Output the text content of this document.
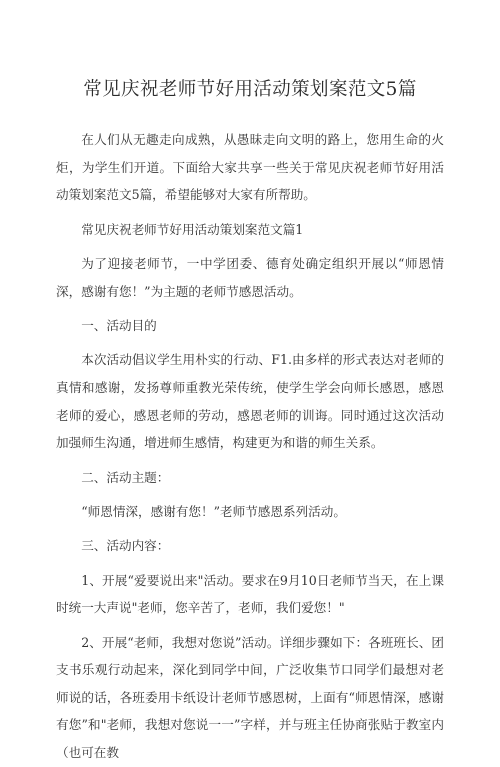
常见庆祝老师节好用活动策划案范文5篇

在人们从无趣走向成熟，从愚昧走向文明的路上，您用生命的火炬，为学生们开道。下面给大家共享一些关于常见庆祝老师节好用活动策划案范文5篇，希望能够对大家有所帮助。

常见庆祝老师节好用活动策划案范文篇1

为了迎接老师节，一中学团委、德育处确定组织开展以“师恩情深，感谢有您！”为主题的老师节感恩活动。

一、活动目的

本次活动倡议学生用朴实的行动、F1.由多样的形式表达对老师的真情和感谢，发扬尊师重教光荣传统，使学生学会向师长感恩，感恩老师的爱心，感恩老师的劳动，感恩老师的训诲。同时通过这次活动加强师生沟通，增进师生感情，构建更为和谐的师生关系。

二、活动主题：

“师恩情深，感谢有您！”老师节感恩系列活动。

三、活动内容：

1、开展“爱要说出来"活动。要求在9月10日老师节当天，在上课时统一大声说"老师，您辛苦了，老师，我们爱您！"

2、开展“老师，我想对您说”活动。详细步骤如下：各班班长、团支书乐观行动起来，深化到同学中间，广泛收集节口同学们最想对老师说的话，各班委用卡纸设计老师节感恩树，上面有“师恩情深，感谢有您”和"老师，我想对您说一一”字样，并与班主任协商张贴于教室内（也可在教
